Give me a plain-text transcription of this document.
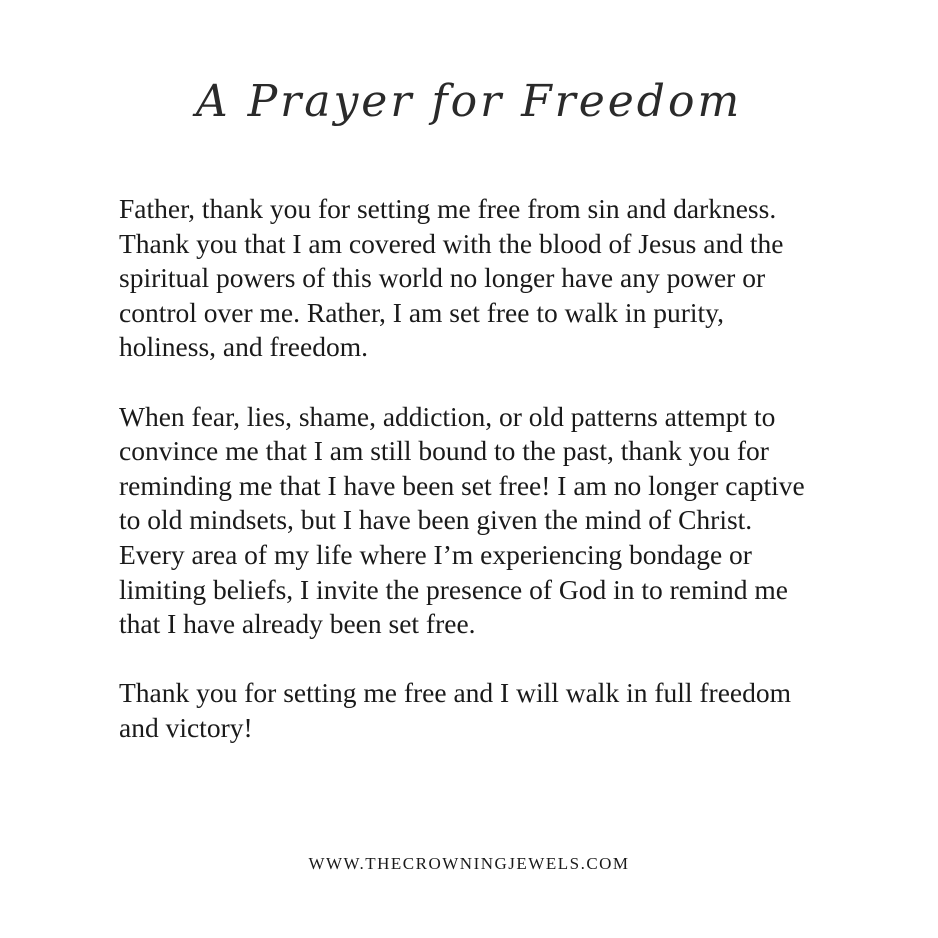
A Prayer for Freedom

Father, thank you for setting me free from sin and darkness. Thank you that I am covered with the blood of Jesus and the spiritual powers of this world no longer have any power or control over me. Rather, I am set free to walk in purity, holiness, and freedom.

When fear, lies, shame, addiction, or old patterns attempt to convince me that I am still bound to the past, thank you for reminding me that I have been set free! I am no longer captive to old mindsets, but I have been given the mind of Christ. Every area of my life where I’m experiencing bondage or limiting beliefs, I invite the presence of God in to remind me that I have already been set free.

Thank you for setting me free and I will walk in full freedom and victory!

WWW.THECROWNINGJEWELS.COM
